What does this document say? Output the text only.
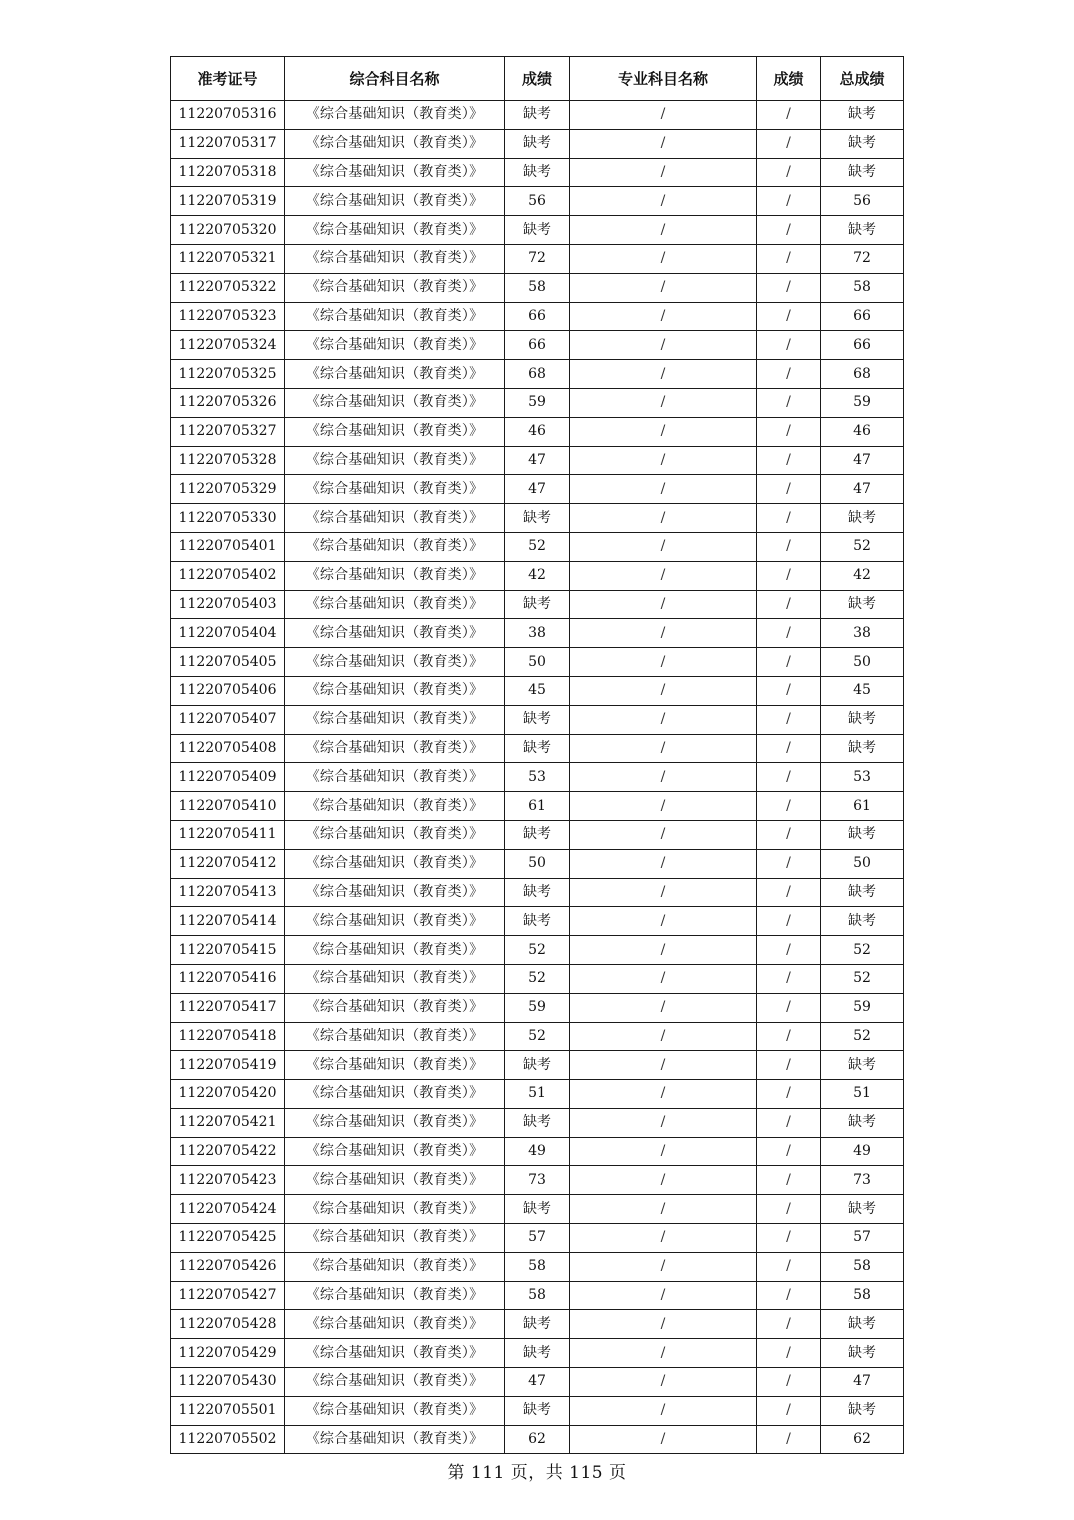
准考证号	综合科目名称	成绩	专业科目名称	成绩	总成绩
11220705316	《综合基础知识（教育类）》	缺考	/	/	缺考
11220705317	《综合基础知识（教育类）》	缺考	/	/	缺考
11220705318	《综合基础知识（教育类）》	缺考	/	/	缺考
11220705319	《综合基础知识（教育类）》	56	/	/	56
11220705320	《综合基础知识（教育类）》	缺考	/	/	缺考
11220705321	《综合基础知识（教育类）》	72	/	/	72
11220705322	《综合基础知识（教育类）》	58	/	/	58
11220705323	《综合基础知识（教育类）》	66	/	/	66
11220705324	《综合基础知识（教育类）》	66	/	/	66
11220705325	《综合基础知识（教育类）》	68	/	/	68
11220705326	《综合基础知识（教育类）》	59	/	/	59
11220705327	《综合基础知识（教育类）》	46	/	/	46
11220705328	《综合基础知识（教育类）》	47	/	/	47
11220705329	《综合基础知识（教育类）》	47	/	/	47
11220705330	《综合基础知识（教育类）》	缺考	/	/	缺考
11220705401	《综合基础知识（教育类）》	52	/	/	52
11220705402	《综合基础知识（教育类）》	42	/	/	42
11220705403	《综合基础知识（教育类）》	缺考	/	/	缺考
11220705404	《综合基础知识（教育类）》	38	/	/	38
11220705405	《综合基础知识（教育类）》	50	/	/	50
11220705406	《综合基础知识（教育类）》	45	/	/	45
11220705407	《综合基础知识（教育类）》	缺考	/	/	缺考
11220705408	《综合基础知识（教育类）》	缺考	/	/	缺考
11220705409	《综合基础知识（教育类）》	53	/	/	53
11220705410	《综合基础知识（教育类）》	61	/	/	61
11220705411	《综合基础知识（教育类）》	缺考	/	/	缺考
11220705412	《综合基础知识（教育类）》	50	/	/	50
11220705413	《综合基础知识（教育类）》	缺考	/	/	缺考
11220705414	《综合基础知识（教育类）》	缺考	/	/	缺考
11220705415	《综合基础知识（教育类）》	52	/	/	52
11220705416	《综合基础知识（教育类）》	52	/	/	52
11220705417	《综合基础知识（教育类）》	59	/	/	59
11220705418	《综合基础知识（教育类）》	52	/	/	52
11220705419	《综合基础知识（教育类）》	缺考	/	/	缺考
11220705420	《综合基础知识（教育类）》	51	/	/	51
11220705421	《综合基础知识（教育类）》	缺考	/	/	缺考
11220705422	《综合基础知识（教育类）》	49	/	/	49
11220705423	《综合基础知识（教育类）》	73	/	/	73
11220705424	《综合基础知识（教育类）》	缺考	/	/	缺考
11220705425	《综合基础知识（教育类）》	57	/	/	57
11220705426	《综合基础知识（教育类）》	58	/	/	58
11220705427	《综合基础知识（教育类）》	58	/	/	58
11220705428	《综合基础知识（教育类）》	缺考	/	/	缺考
11220705429	《综合基础知识（教育类）》	缺考	/	/	缺考
11220705430	《综合基础知识（教育类）》	47	/	/	47
11220705501	《综合基础知识（教育类）》	缺考	/	/	缺考
11220705502	《综合基础知识（教育类）》	62	/	/	62
第 111 页，共 115 页
